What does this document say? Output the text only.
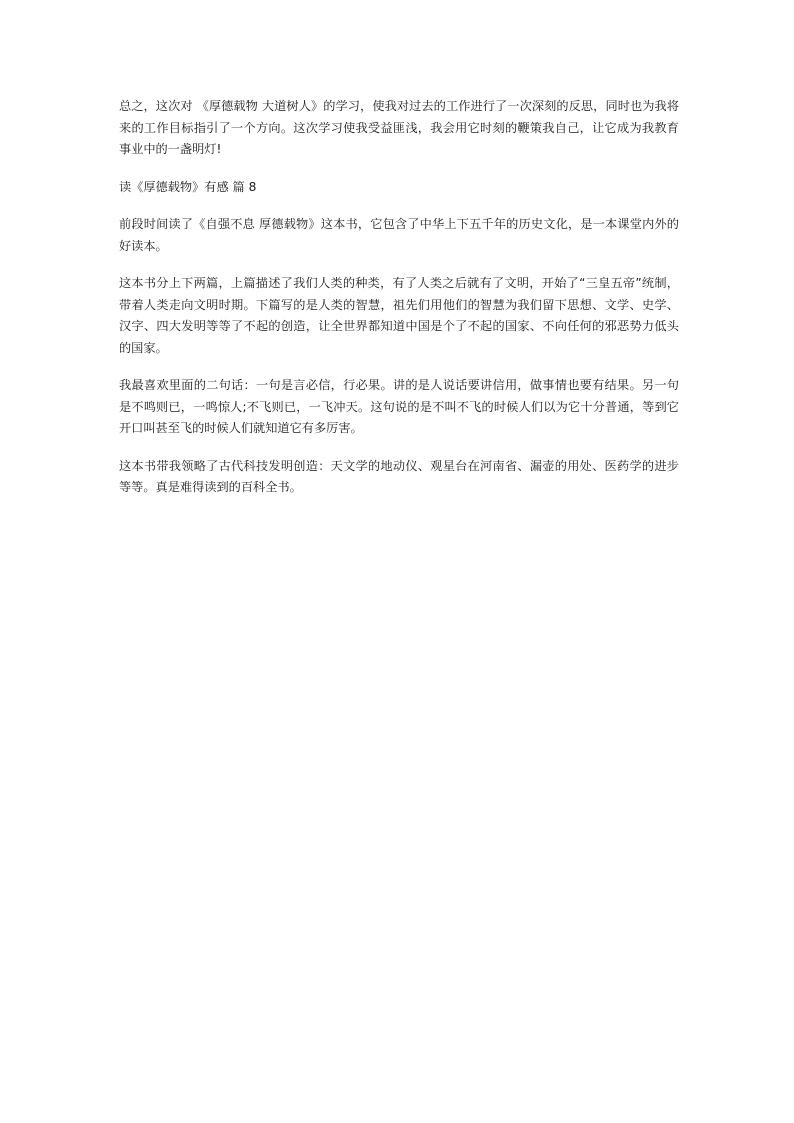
总之，这次对 《厚德载物 大道树人》的学习，使我对过去的工作进行了一次深刻的反思，同时也为我将来的工作目标指引了一个方向。这次学习使我受益匪浅，我会用它时刻的鞭策我自己，让它成为我教育事业中的一盏明灯!

读《厚德载物》有感 篇 8

前段时间读了《自强不息 厚德载物》这本书，它包含了中华上下五千年的历史文化，是一本课堂内外的好读本。

这本书分上下两篇，上篇描述了我们人类的种类，有了人类之后就有了文明，开始了“三皇五帝”统制，带着人类走向文明时期。下篇写的是人类的智慧，祖先们用他们的智慧为我们留下思想、文学、史学、汉字、四大发明等等了不起的创造，让全世界都知道中国是个了不起的国家、不向任何的邪恶势力低头的国家。

我最喜欢里面的二句话：一句是言必信，行必果。讲的是人说话要讲信用，做事情也要有结果。另一句是不鸣则已，一鸣惊人;不飞则已，一飞冲天。这句说的是不叫不飞的时候人们以为它十分普通，等到它开口叫甚至飞的时候人们就知道它有多厉害。

这本书带我领略了古代科技发明创造：天文学的地动仪、观星台在河南省、漏壶的用处、医药学的进步等等。真是难得读到的百科全书。
